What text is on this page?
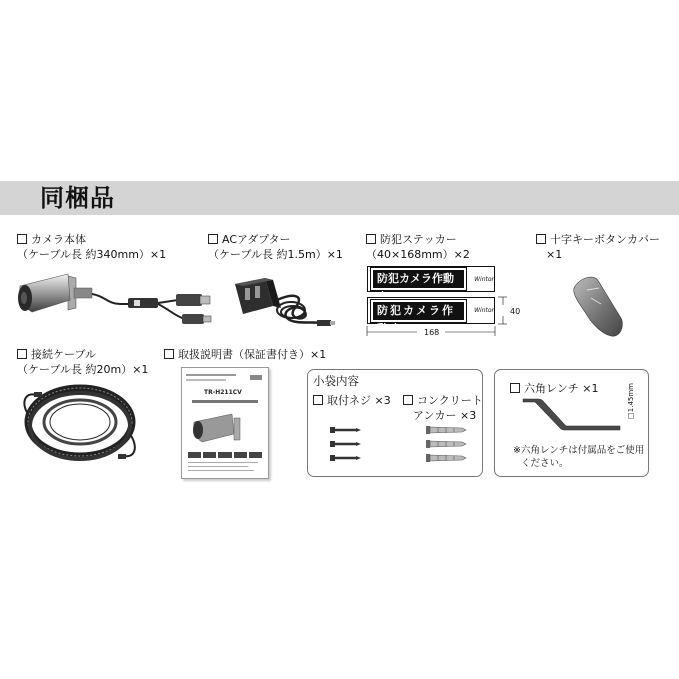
同梱品
カメラ本体
（ケーブル長 約340mm）×1
ACアダプター
（ケーブル長 約1.5m）×1
防犯ステッカー
（40×168mm）×2
防犯カメラ作動	Wintor
防犯カメラ作動中
Wintor
168
40
十字キーボタンカバー
×1
接続ケーブル
（ケーブル長 約20m）×1
取扱説明書（保証書付き）×1
TR-H211CV
小袋内容
取付ネジ ×3	コンクリート
アンカー ×3
六角レンチ ×1	□1.45mm
※六角レンチは付属品をご使用
ください。
